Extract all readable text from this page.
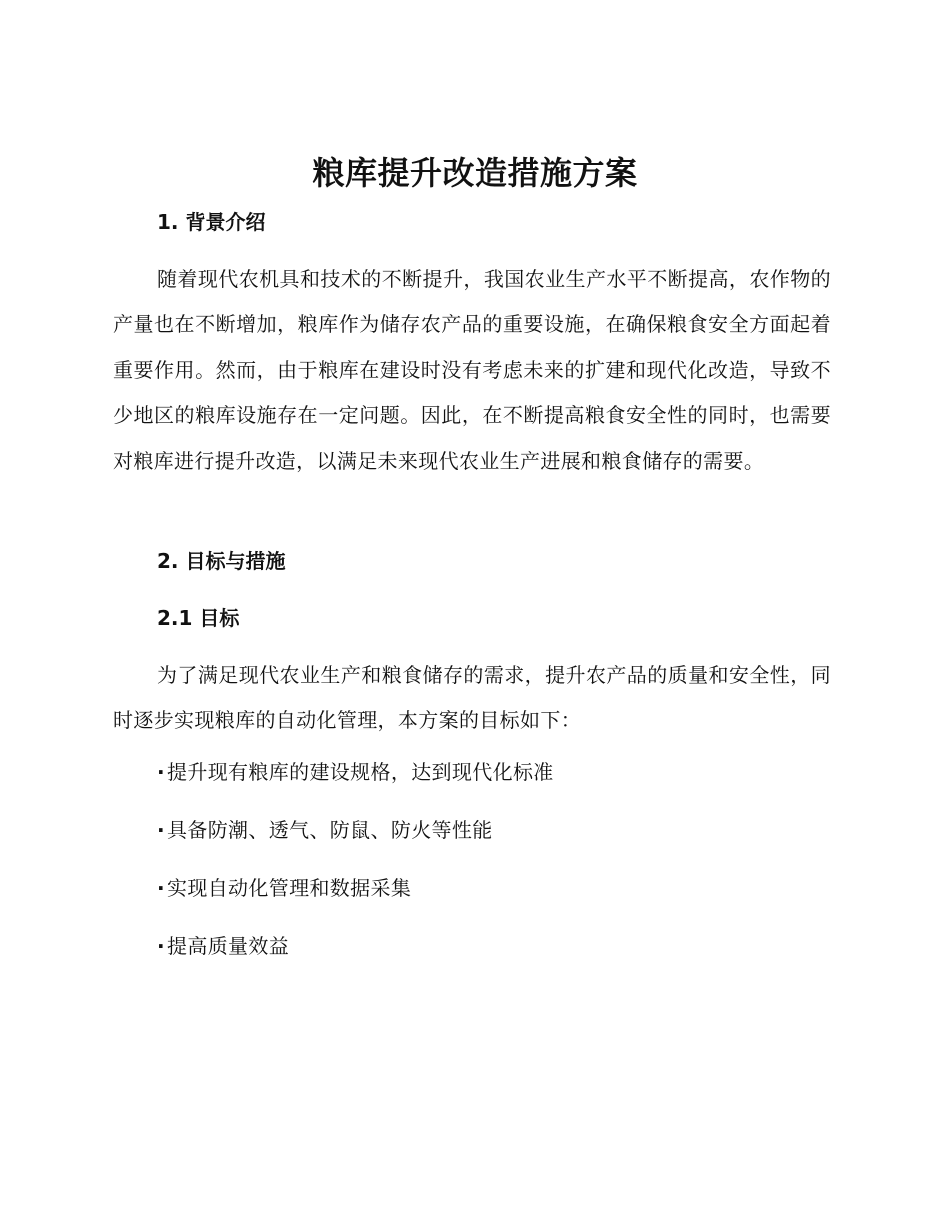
粮库提升改造措施方案
1. 背景介绍

随着现代农机具和技术的不断提升，我国农业生产水平不断提高，农作物的产量也在不断增加，粮库作为储存农产品的重要设施，在确保粮食安全方面起着重要作用。然而，由于粮库在建设时没有考虑未来的扩建和现代化改造，导致不少地区的粮库设施存在一定问题。因此，在不断提高粮食安全性的同时，也需要对粮库进行提升改造，以满足未来现代农业生产进展和粮食储存的需要。

2. 目标与措施
2.1 目标

为了满足现代农业生产和粮食储存的需求，提升农产品的质量和安全性，同时逐步实现粮库的自动化管理，本方案的目标如下：

· 提升现有粮库的建设规格，达到现代化标准
· 具备防潮、透气、防鼠、防火等性能
· 实现自动化管理和数据采集
· 提高质量效益
